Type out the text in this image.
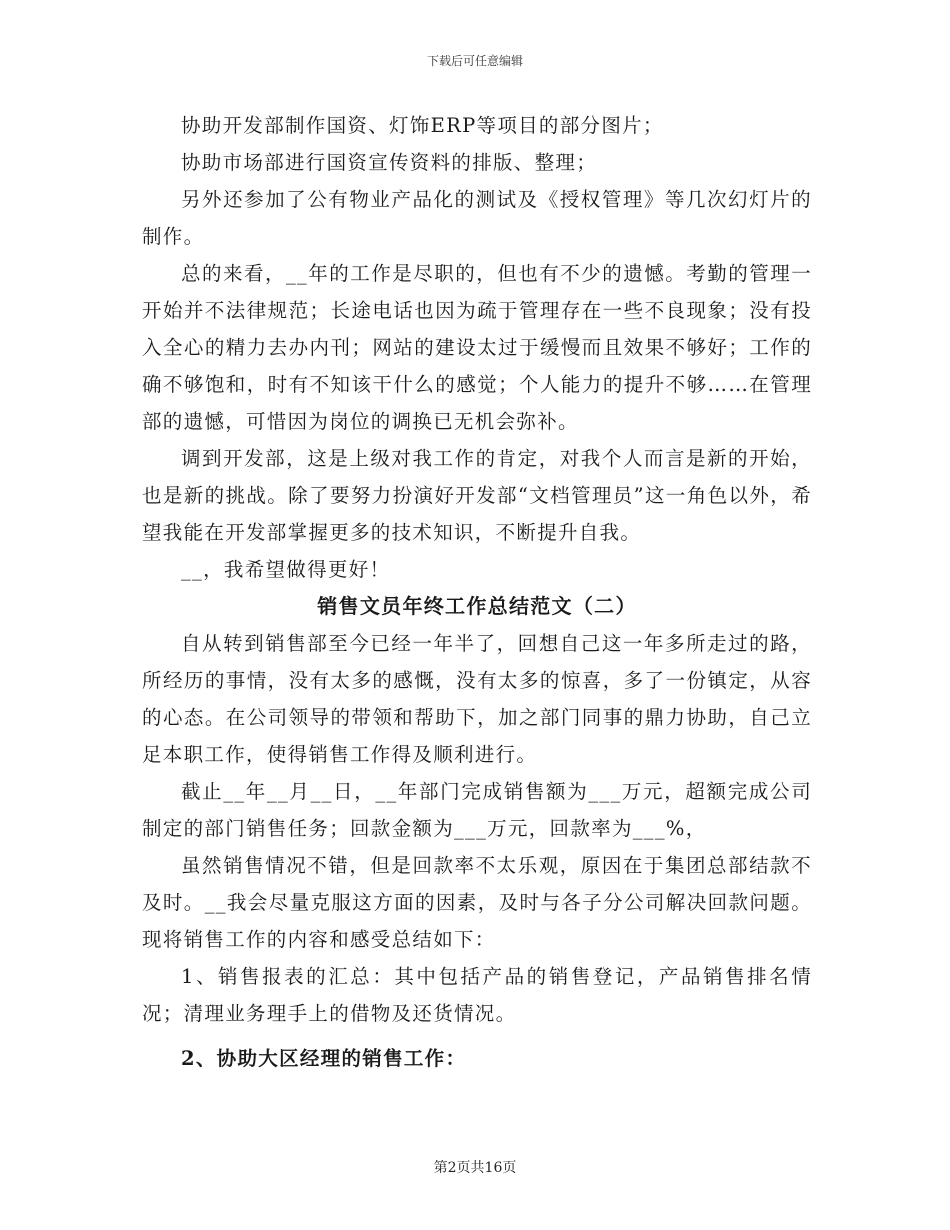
下载后可任意编辑

协助开发部制作国资、灯饰ERP等项目的部分图片；

协助市场部进行国资宣传资料的排版、整理；

另外还参加了公有物业产品化的测试及《授权管理》等几次幻灯片的制作。

总的来看，__年的工作是尽职的，但也有不少的遗憾。考勤的管理一开始并不法律规范；长途电话也因为疏于管理存在一些不良现象；没有投入全心的精力去办内刊；网站的建设太过于缓慢而且效果不够好；工作的确不够饱和，时有不知该干什么的感觉；个人能力的提升不够……在管理部的遗憾，可惜因为岗位的调换已无机会弥补。

调到开发部，这是上级对我工作的肯定，对我个人而言是新的开始，也是新的挑战。除了要努力扮演好开发部“文档管理员”这一角色以外，希望我能在开发部掌握更多的技术知识，不断提升自我。

__，我希望做得更好！

销售文员年终工作总结范文（二）

自从转到销售部至今已经一年半了，回想自己这一年多所走过的路，所经历的事情，没有太多的感慨，没有太多的惊喜，多了一份镇定，从容的心态。在公司领导的带领和帮助下，加之部门同事的鼎力协助，自己立足本职工作，使得销售工作得及顺利进行。

截止__年__月__日，__年部门完成销售额为___万元，超额完成公司制定的部门销售任务；回款金额为___万元，回款率为___%，

虽然销售情况不错，但是回款率不太乐观，原因在于集团总部结款不及时。__我会尽量克服这方面的因素，及时与各子分公司解决回款问题。现将销售工作的内容和感受总结如下：

1、销售报表的汇总：其中包括产品的销售登记，产品销售排名情况；清理业务理手上的借物及还货情况。

2、协助大区经理的销售工作：

第2页共16页
